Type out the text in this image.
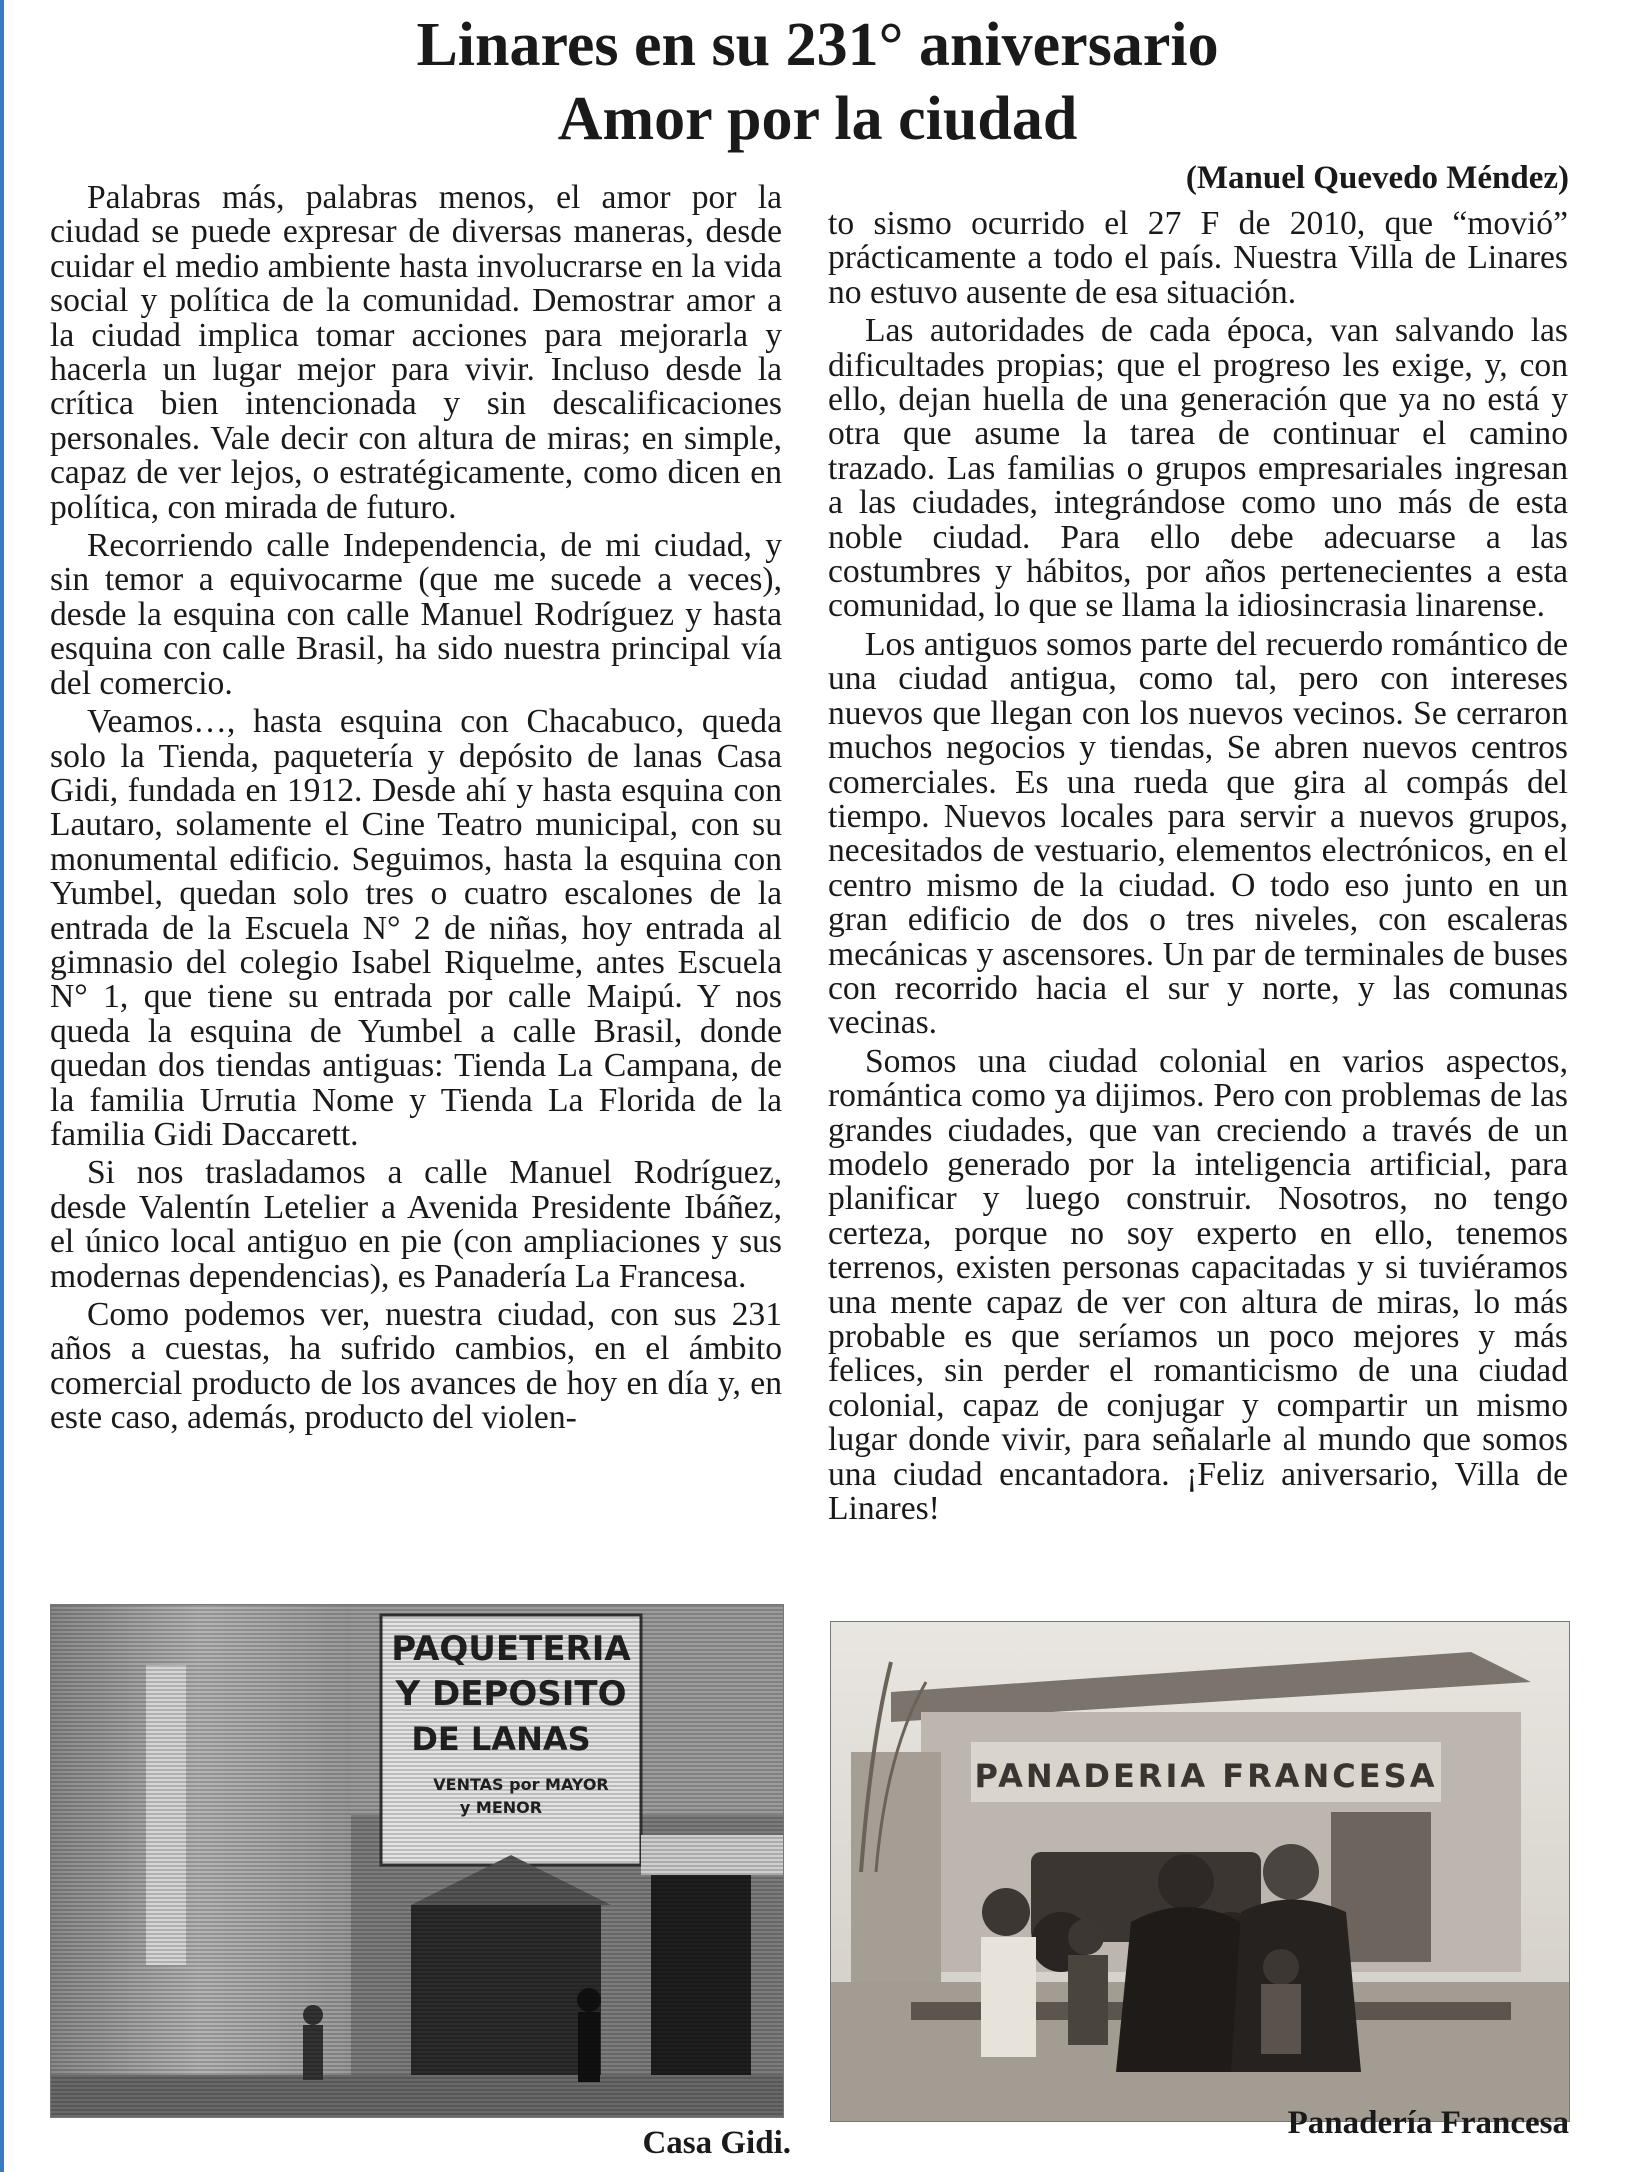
Linares en su 231° aniversario
Amor por la ciudad

(Manuel Quevedo Méndez)

Palabras más, palabras menos, el amor por la ciudad se puede expresar de diversas maneras, desde cuidar el medio ambiente hasta involucrarse en la vida social y política de la comunidad. Demostrar amor a la ciudad implica tomar acciones para mejorarla y hacerla un lugar mejor para vivir. Incluso desde la crítica bien intencionada y sin descalificaciones personales. Vale decir con altura de miras; en simple, capaz de ver lejos, o estratégicamente, como dicen en política, con mirada de futuro.

Recorriendo calle Independencia, de mi ciudad, y sin temor a equivocarme (que me sucede a veces), desde la esquina con calle Manuel Rodríguez y hasta esquina con calle Brasil, ha sido nuestra principal vía del comercio.

Veamos…, hasta esquina con Chacabuco, queda solo la Tienda, paquetería y depósito de lanas Casa Gidi, fundada en 1912. Desde ahí y hasta esquina con Lautaro, solamente el Cine Teatro municipal, con su monumental edificio. Seguimos, hasta la esquina con Yumbel, quedan solo tres o cuatro escalones de la entrada de la Escuela N° 2 de niñas, hoy entrada al gimnasio del colegio Isabel Riquelme, antes Escuela N° 1, que tiene su entrada por calle Maipú. Y nos queda la esquina de Yumbel a calle Brasil, donde quedan dos tiendas antiguas: Tienda La Campana, de la familia Urrutia Nome y Tienda La Florida de la familia Gidi Daccarett.

Si nos trasladamos a calle Manuel Rodríguez, desde Valentín Letelier a Avenida Presidente Ibáñez, el único local antiguo en pie (con ampliaciones y sus modernas dependencias), es Panadería La Francesa.

Como podemos ver, nuestra ciudad, con sus 231 años a cuestas, ha sufrido cambios, en el ámbito comercial producto de los avances de hoy en día y, en este caso, además, producto del violen-

to sismo ocurrido el 27 F de 2010, que “movió” prácticamente a todo el país. Nuestra Villa de Linares no estuvo ausente de esa situación.

Las autoridades de cada época, van salvando las dificultades propias; que el progreso les exige, y, con ello, dejan huella de una generación que ya no está y otra que asume la tarea de continuar el camino trazado. Las familias o grupos empresariales ingresan a las ciudades, integrándose como uno más de esta noble ciudad. Para ello debe adecuarse a las costumbres y hábitos, por años pertenecientes a esta comunidad, lo que se llama la idiosincrasia linarense.

Los antiguos somos parte del recuerdo romántico de una ciudad antigua, como tal, pero con intereses nuevos que llegan con los nuevos vecinos. Se cerraron muchos negocios y tiendas, Se abren nuevos centros comerciales. Es una rueda que gira al compás del tiempo. Nuevos locales para servir a nuevos grupos, necesitados de vestuario, elementos electrónicos, en el centro mismo de la ciudad. O todo eso junto en un gran edificio de dos o tres niveles, con escaleras mecánicas y ascensores. Un par de terminales de buses con recorrido hacia el sur y norte, y las comunas vecinas.

Somos una ciudad colonial en varios aspectos, romántica como ya dijimos. Pero con problemas de las grandes ciudades, que van creciendo a través de un modelo generado por la inteligencia artificial, para planificar y luego construir. Nosotros, no tengo certeza, porque no soy experto en ello, tenemos terrenos, existen personas capacitadas y si tuviéramos una mente capaz de ver con altura de miras, lo más probable es que seríamos un poco mejores y más felices, sin perder el romanticismo de una ciudad colonial, capaz de conjugar y compartir un mismo lugar donde vivir, para señalarle al mundo que somos una ciudad encantadora. ¡Feliz aniversario, Villa de Linares!

Casa Gidi.

PANADERIA FRANCESA

Panadería Francesa
